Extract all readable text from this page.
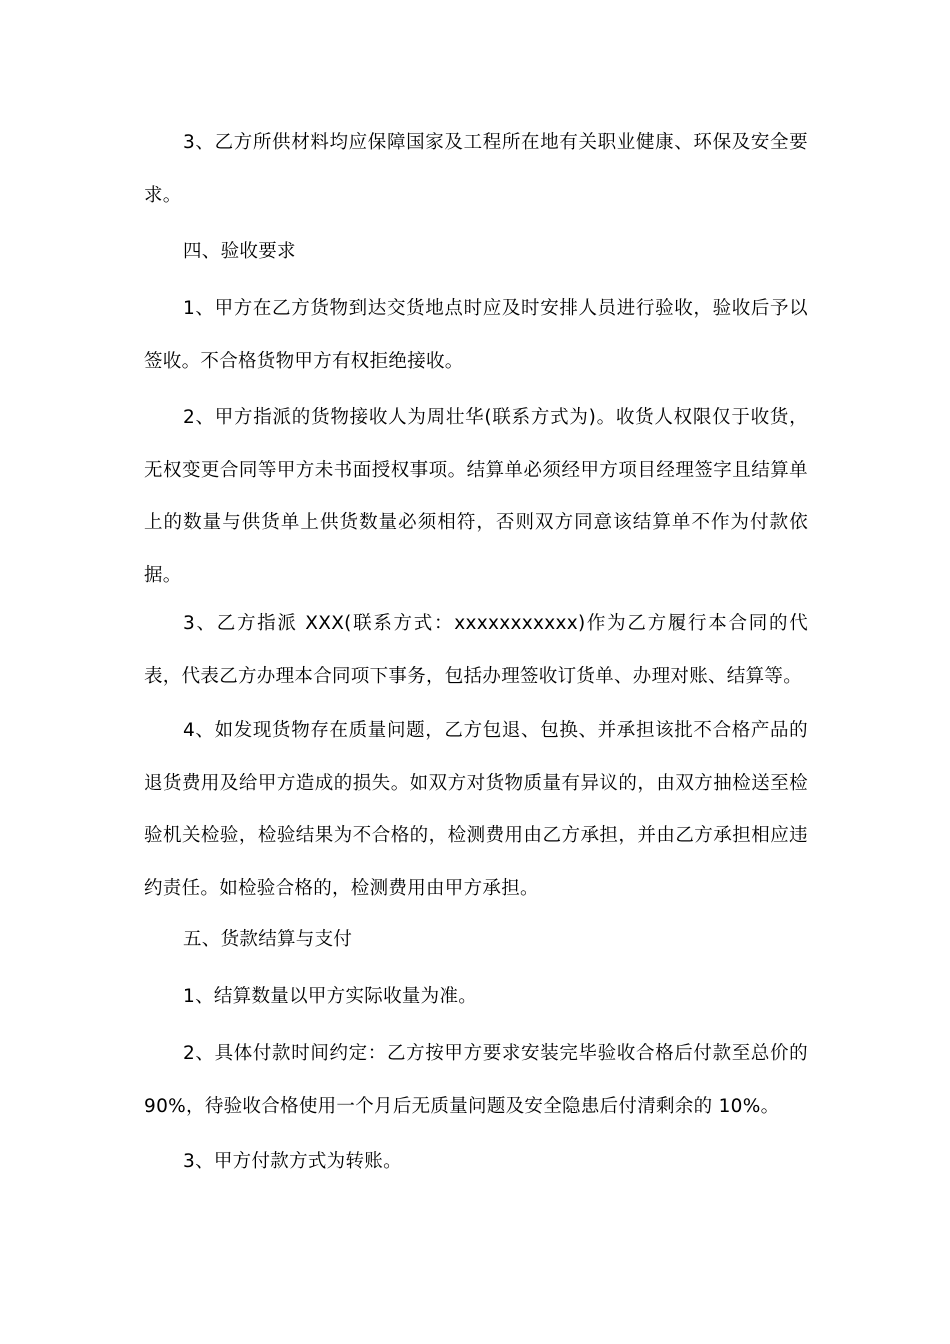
3、乙方所供材料均应保障国家及工程所在地有关职业健康、环保及安全要求。

四、验收要求

1、甲方在乙方货物到达交货地点时应及时安排人员进行验收，验收后予以签收。不合格货物甲方有权拒绝接收。

2、甲方指派的货物接收人为周壮华(联系方式为)。收货人权限仅于收货，无权变更合同等甲方未书面授权事项。结算单必须经甲方项目经理签字且结算单上的数量与供货单上供货数量必须相符，否则双方同意该结算单不作为付款依据。

3、乙方指派 XXX(联系方式：xxxxxxxxxxx)作为乙方履行本合同的代表，代表乙方办理本合同项下事务，包括办理签收订货单、办理对账、结算等。

4、如发现货物存在质量问题，乙方包退、包换、并承担该批不合格产品的退货费用及给甲方造成的损失。如双方对货物质量有异议的，由双方抽检送至检验机关检验，检验结果为不合格的，检测费用由乙方承担，并由乙方承担相应违约责任。如检验合格的，检测费用由甲方承担。

五、货款结算与支付

1、结算数量以甲方实际收量为准。

2、具体付款时间约定：乙方按甲方要求安装完毕验收合格后付款至总价的90%，待验收合格使用一个月后无质量问题及安全隐患后付清剩余的 10%。

3、甲方付款方式为转账。
